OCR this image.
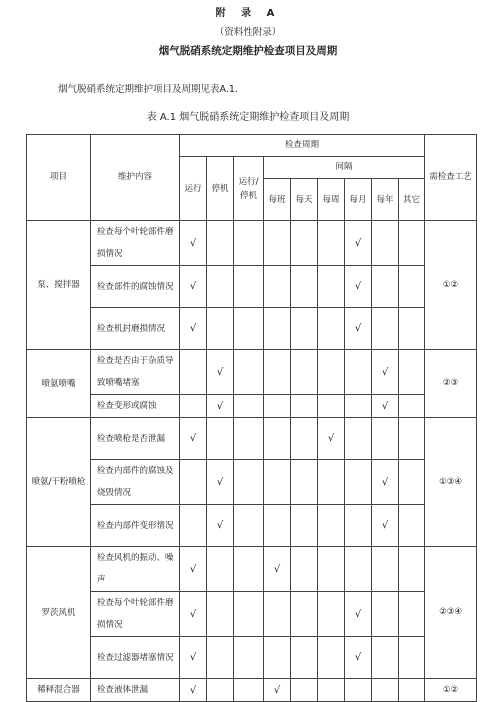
附 录 A
（资料性附录）
烟气脱硝系统定期维护检查项目及周期
烟气脱硝系统定期维护项目及周期见表A.1.
表 A.1 烟气脱硝系统定期维护检查项目及周期
项目	维护内容	检查周期									需检查工艺
		运行	停机	运行/停机	间隔						
					每班	每天	每周	每月	每年	其它	
泵、搅拌器	检查每个叶轮部件磨损情况	√						√			①②
	检查部件的腐蚀情况	√						√			
	检查机封磨损情况	√						√			
喷氨喷嘴	检查是否由于杂质导致喷嘴堵塞		√						√		②③
	检查变形或腐蚀		√						√		
喷氨/干粉喷枪	检查喷枪是否泄漏	√					√				①③④
	检查内部件的腐蚀及烧毁情况		√						√		
	检查内部件变形情况		√						√		
罗茨风机	检查风机的振动、噪声	√			√						②③④
	检查每个叶轮部件磨损情况	√						√			
	检查过滤器堵塞情况	√						√			
稀释混合器	检查液体泄漏	√			√						①②
